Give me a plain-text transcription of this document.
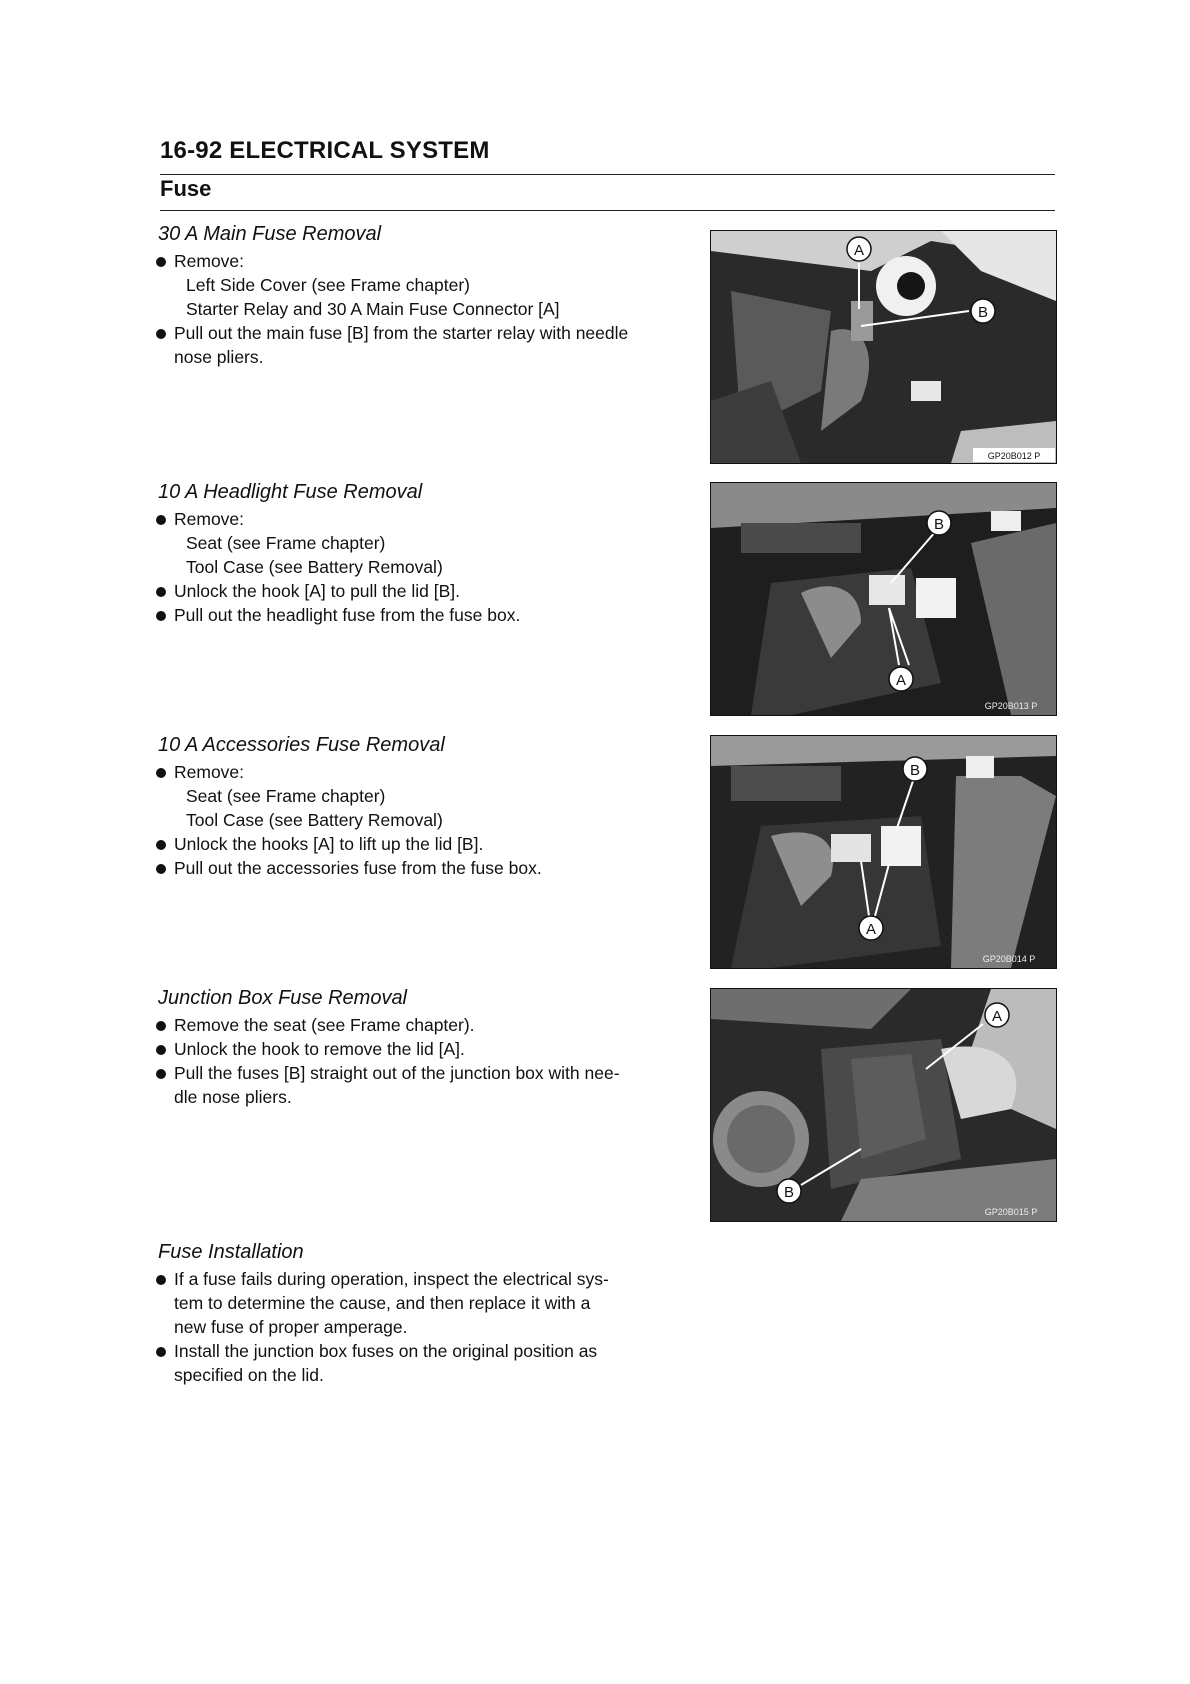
16-92 ELECTRICAL SYSTEM
Fuse
30 A Main Fuse Removal
Remove:
Left Side Cover (see Frame chapter)
Starter Relay and 30 A Main Fuse Connector [A]
Pull out the main fuse [B] from the starter relay with needle
nose pliers.
A
B
GP20B012 P
10 A Headlight Fuse Removal
Remove:
Seat (see Frame chapter)
Tool Case (see Battery Removal)
Unlock the hook [A] to pull the lid [B].
Pull out the headlight fuse from the fuse box.
B
A
GP20B013 P
10 A Accessories Fuse Removal
Remove:
Seat (see Frame chapter)
Tool Case (see Battery Removal)
Unlock the hooks [A] to lift up the lid [B].
Pull out the accessories fuse from the fuse box.
B
A
GP20B014 P
Junction Box Fuse Removal
Remove the seat (see Frame chapter).
Unlock the hook to remove the lid [A].
Pull the fuses [B] straight out of the junction box with nee-
dle nose pliers.
A
B
GP20B015 P
Fuse Installation
If a fuse fails during operation, inspect the electrical sys-
tem to determine the cause, and then replace it with a
new fuse of proper amperage.
Install the junction box fuses on the original position as
specified on the lid.
